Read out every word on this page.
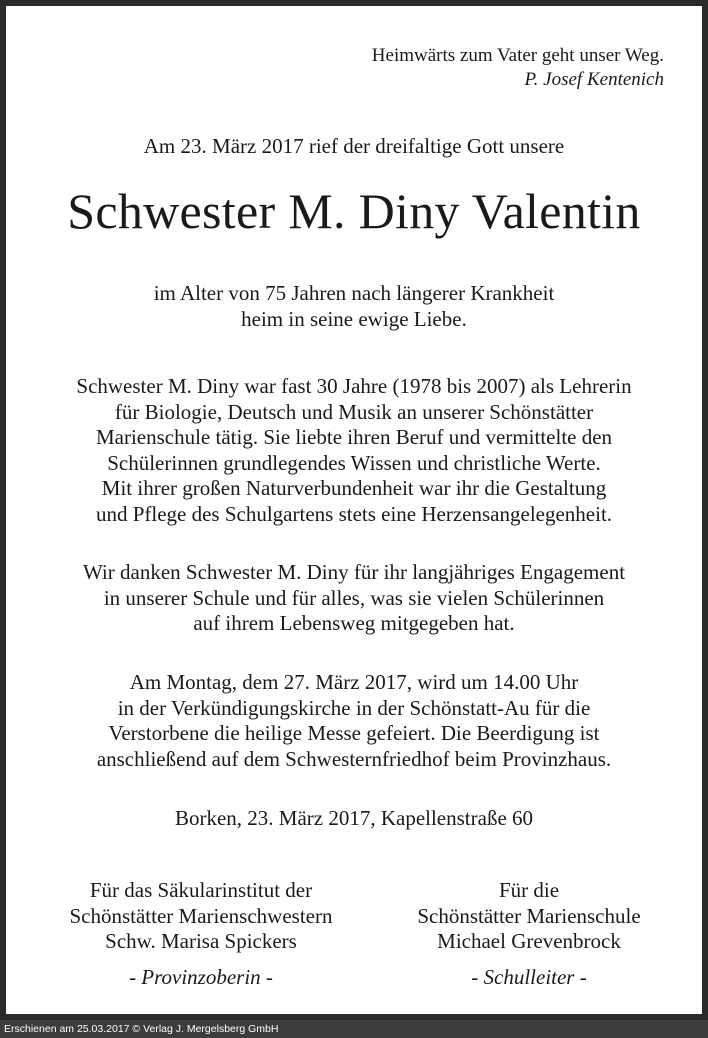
Heimwärts zum Vater geht unser Weg.
P. Josef Kentenich
Am 23. März 2017 rief der dreifaltige Gott unsere
Schwester M. Diny Valentin
im Alter von 75 Jahren nach längerer Krankheit
heim in seine ewige Liebe.
Schwester M. Diny war fast 30 Jahre (1978 bis 2007) als Lehrerin
für Biologie, Deutsch und Musik an unserer Schönstätter
Marienschule tätig. Sie liebte ihren Beruf und vermittelte den
Schülerinnen grundlegendes Wissen und christliche Werte.
Mit ihrer großen Naturverbundenheit war ihr die Gestaltung
und Pflege des Schulgartens stets eine Herzensangelegenheit.
Wir danken Schwester M. Diny für ihr langjähriges Engagement
in unserer Schule und für alles, was sie vielen Schülerinnen
auf ihrem Lebensweg mitgegeben hat.
Am Montag, dem 27. März 2017, wird um 14.00 Uhr
in der Verkündigungskirche in der Schönstatt-Au für die
Verstorbene die heilige Messe gefeiert. Die Beerdigung ist
anschließend auf dem Schwesternfriedhof beim Provinzhaus.
Borken, 23. März 2017, Kapellenstraße 60
Für das Säkularinstitut der
Schönstätter Marienschwestern
Schw. Marisa Spickers
- Provinzoberin -
Für die
Schönstätter Marienschule
Michael Grevenbrock
- Schulleiter -
Erschienen am 25.03.2017 © Verlag J. Mergelsberg GmbH
